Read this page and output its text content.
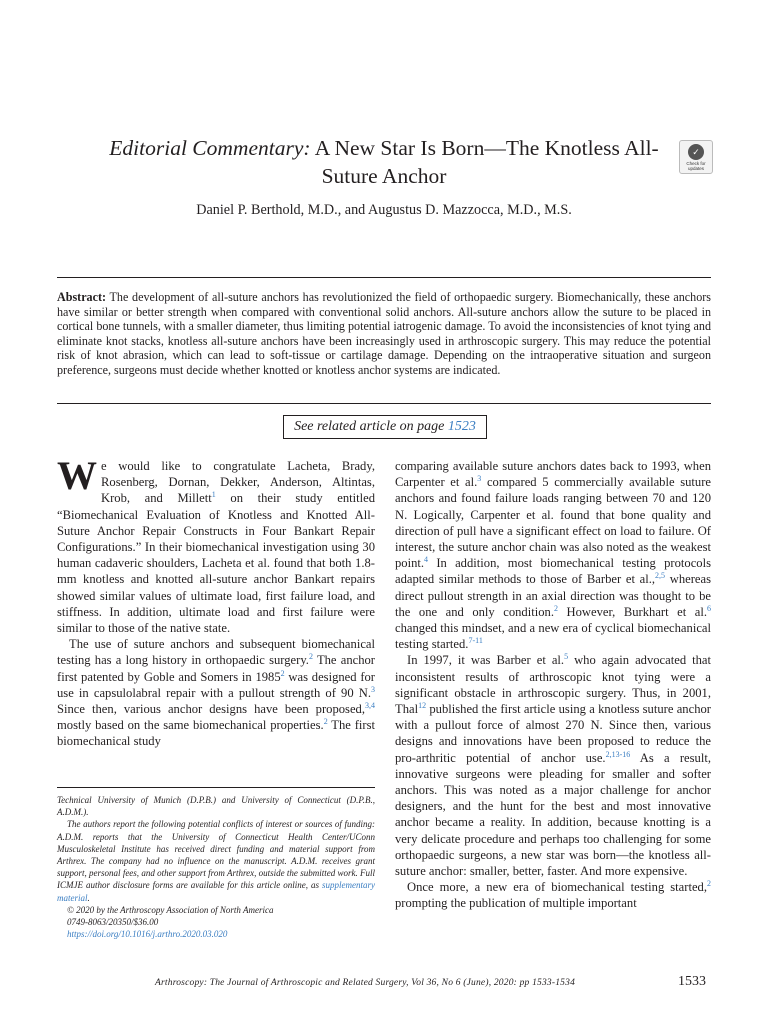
Editorial Commentary: A New Star Is Born—The Knotless All-Suture Anchor
✓
Check for updates
Daniel P. Berthold, M.D., and Augustus D. Mazzocca, M.D., M.S.
Abstract: The development of all-suture anchors has revolutionized the field of orthopaedic surgery. Biomechanically, these anchors have similar or better strength when compared with conventional solid anchors. All-suture anchors allow the suture to be placed in cortical bone tunnels, with a smaller diameter, thus limiting potential iatrogenic damage. To avoid the inconsistencies of knot tying and eliminate knot stacks, knotless all-suture anchors have been increasingly used in arthroscopic surgery. This may reduce the potential risk of knot abrasion, which can lead to soft-tissue or cartilage damage. Depending on the intraoperative situation and surgeon preference, surgeons must decide whether knotted or knotless anchor systems are indicated.
See related article on page 1523

We would like to congratulate Lacheta, Brady, Rosenberg, Dornan, Dekker, Anderson, Altintas, Krob, and Millett$^1$ on their study entitled “Biomechanical Evaluation of Knotless and Knotted All-Suture Anchor Repair Constructs in Four Bankart Repair Configurations.” In their biomechanical investigation using 30 human cadaveric shoulders, Lacheta et al. found that both 1.8-mm knotless and knotted all-suture anchor Bankart repairs showed similar values of ultimate load, first failure load, and stiffness. In addition, ultimate load and first failure were similar to those of the native state.

The use of suture anchors and subsequent biomechanical testing has a long history in orthopaedic surgery.$^2$ The anchor first patented by Goble and Somers in 1985$^2$ was designed for use in capsulolabral repair with a pullout strength of 90 N.$^3$ Since then, various anchor designs have been proposed,$^{3,4}$ mostly based on the same biomechanical properties.$^2$ The first biomechanical study

comparing available suture anchors dates back to 1993, when Carpenter et al.$^3$ compared 5 commercially available suture anchors and found failure loads ranging between 70 and 120 N. Logically, Carpenter et al. found that bone quality and direction of pull have a significant effect on load to failure. Of interest, the suture anchor chain was also noted as the weakest point.$^4$ In addition, most biomechanical testing protocols adapted similar methods to those of Barber et al.,$^{2,5}$ whereas direct pullout strength in an axial direction was thought to be the one and only condition.$^2$ However, Burkhart et al.$^6$ changed this mindset, and a new era of cyclical biomechanical testing started.$^{7-11}$

In 1997, it was Barber et al.$^5$ who again advocated that inconsistent results of arthroscopic knot tying were a significant obstacle in arthroscopic surgery. Thus, in 2001, Thal$^{12}$ published the first article using a knotless suture anchor with a pullout force of almost 270 N. Since then, various designs and innovations have been proposed to reduce the pro-arthritic potential of anchor use.$^{2,13-16}$ As a result, innovative surgeons were pleading for smaller and softer anchors. This was noted as a major challenge for anchor designers, and the hunt for the best and most innovative anchor became a reality. In addition, because knotting is a very delicate procedure and perhaps too challenging for some orthopaedic surgeons, a new star was born—the knotless all-suture anchor: smaller, better, faster. And more expensive.

Once more, a new era of biomechanical testing started,$^2$ prompting the publication of multiple important

Technical University of Munich (D.P.B.) and University of Connecticut (D.P.B., A.D.M.).

The authors report the following potential conflicts of interest or sources of funding: A.D.M. reports that the University of Connecticut Health Center/UConn Musculoskeletal Institute has received direct funding and material support from Arthrex. The company had no influence on the manuscript. A.D.M. receives grant support, personal fees, and other support from Arthrex, outside the submitted work. Full ICMJE author disclosure forms are available for this article online, as supplementary material.

© 2020 by the Arthroscopy Association of North America

0749-8063/20350/$36.00

https://doi.org/10.1016/j.arthro.2020.03.020

Arthroscopy: The Journal of Arthroscopic and Related Surgery, Vol 36, No 6 (June), 2020: pp 1533-1534	1533
